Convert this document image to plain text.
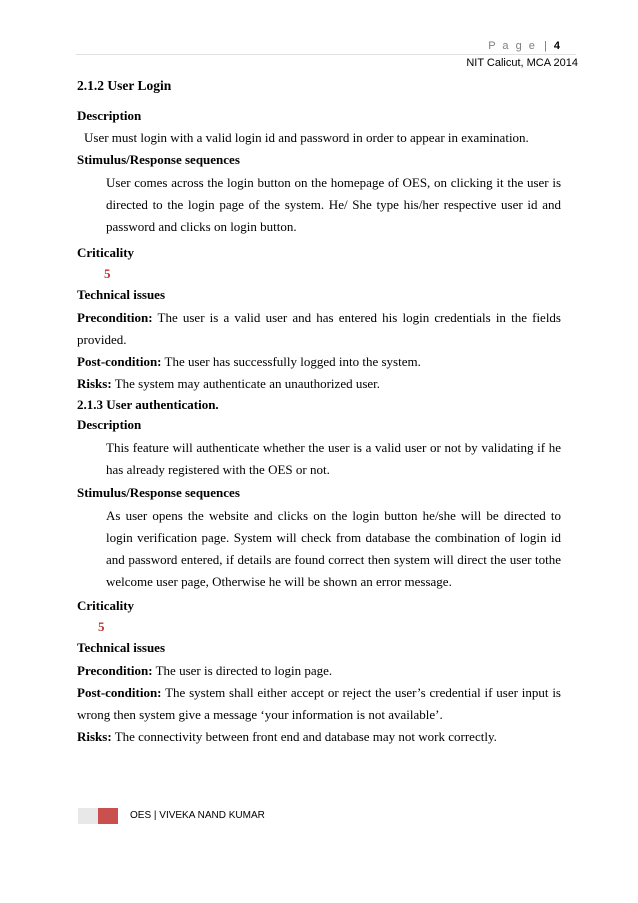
P a g e | 4
NIT Calicut, MCA 2014

2.1.2 User Login

Description

User must login with a valid login id and password in order to appear in examination.

Stimulus/Response sequences

User comes across the login button on the homepage of OES, on clicking it the user is directed to the login page of the system. He/ She type his/her respective user id and password and clicks on login button.

Criticality

5

Technical issues

Precondition: The user is a valid user and has entered his login credentials in the fields provided.

Post-condition: The user has successfully logged into the system.

Risks: The system may authenticate an unauthorized user.

2.1.3 User authentication.

Description

This feature will authenticate whether the user is a valid user or not by validating if he has already registered with the OES or not.

Stimulus/Response sequences

As user opens the website and clicks on the login button he/she will be directed to login verification page. System will check from database the combination of login id and password entered, if details are found correct then system will direct the user tothe welcome user page, Otherwise he will be shown an error message.

Criticality

5

Technical issues

Precondition: The user is directed to login page.

Post-condition: The system shall either accept or reject the user’s credential if user input is wrong then system give a message ‘your information is not available’.

Risks: The connectivity between front end and database may not work correctly.

OES | VIVEKA NAND KUMAR
